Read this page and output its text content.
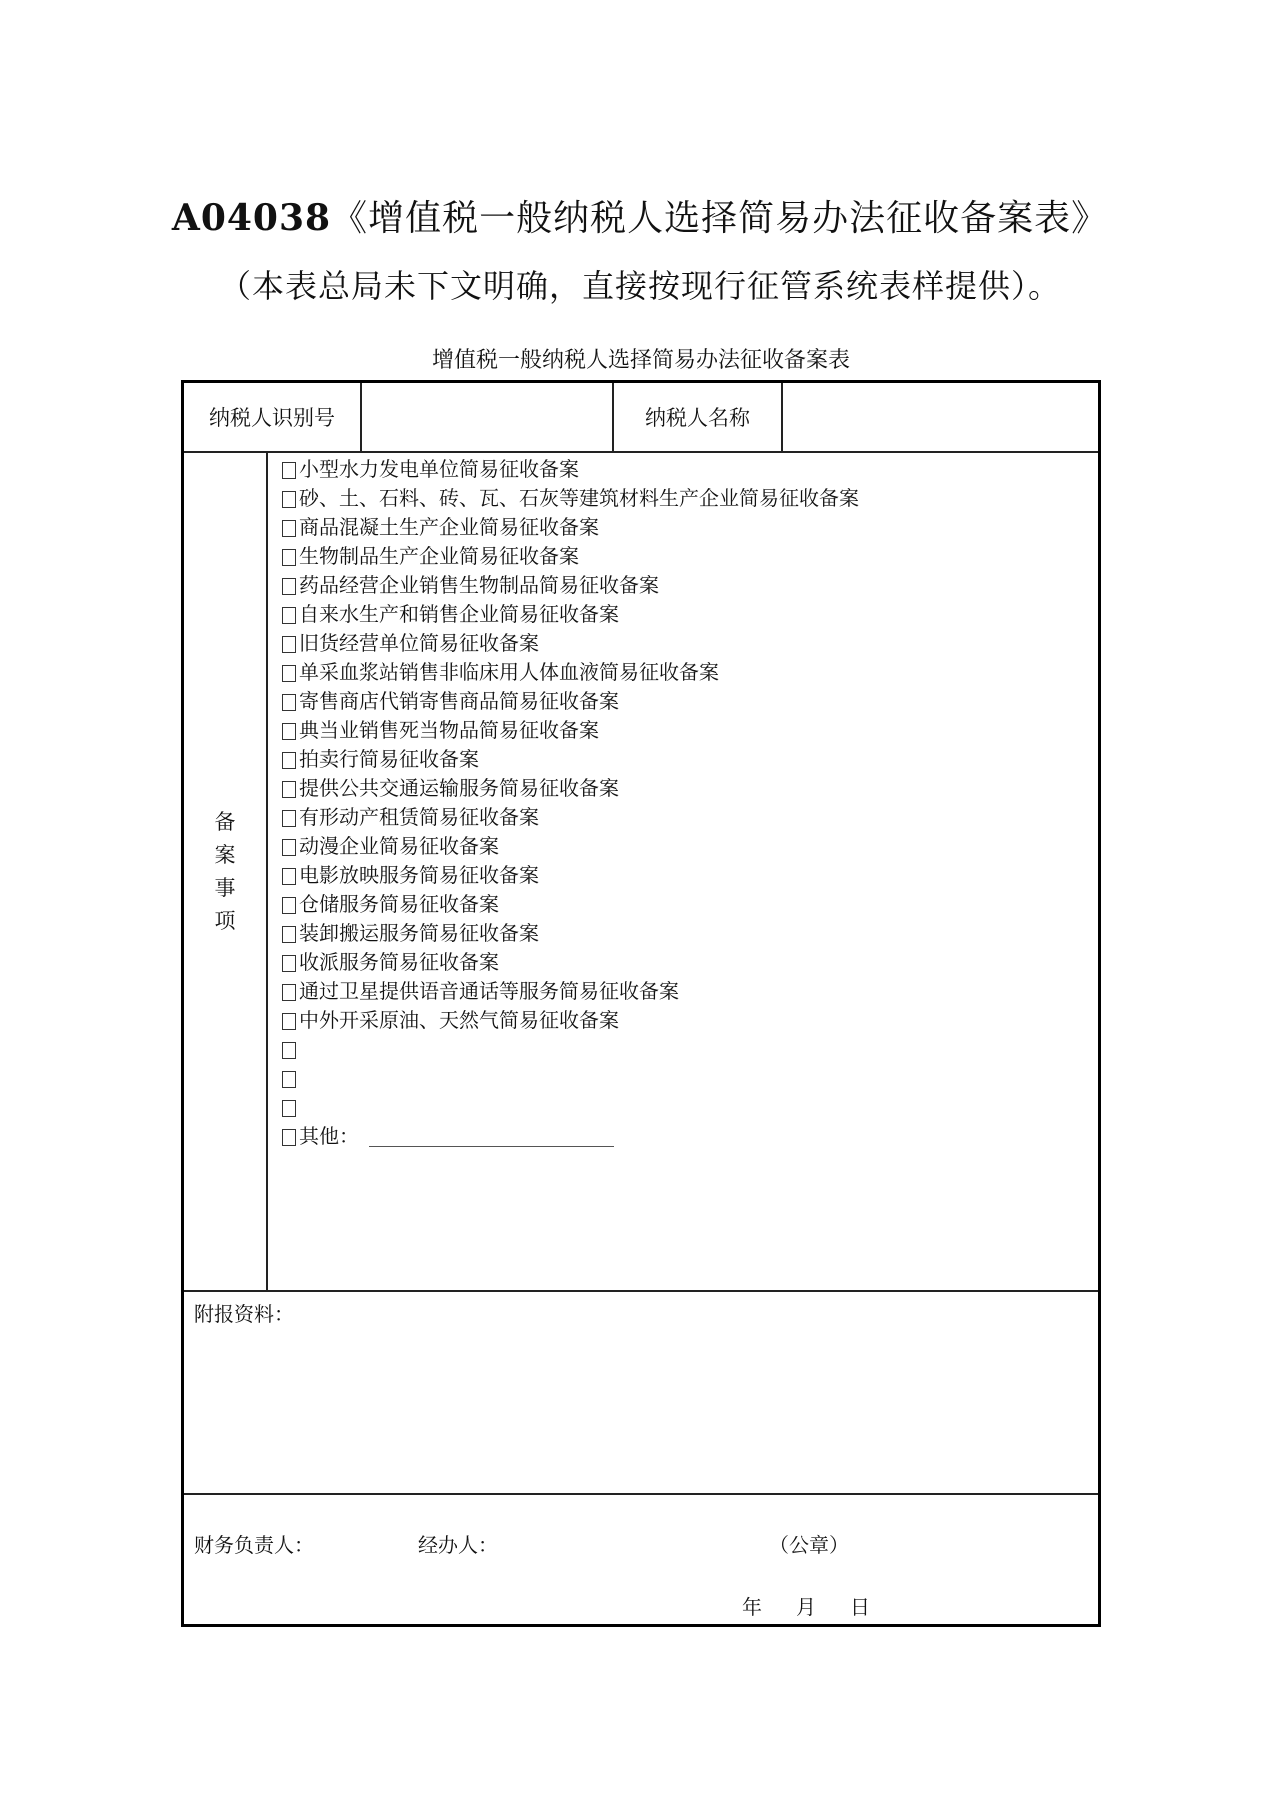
A04038《增值税一般纳税人选择简易办法征收备案表》
（本表总局未下文明确，直接按现行征管系统表样提供）。
增值税一般纳税人选择简易办法征收备案表
纳税人识别号	纳税人名称
备
案
事
项
小型水力发电单位简易征收备案
砂、土、石料、砖、瓦、石灰等建筑材料生产企业简易征收备案
商品混凝土生产企业简易征收备案
生物制品生产企业简易征收备案
药品经营企业销售生物制品简易征收备案
自来水生产和销售企业简易征收备案
旧货经营单位简易征收备案
单采血浆站销售非临床用人体血液简易征收备案
寄售商店代销寄售商品简易征收备案
典当业销售死当物品简易征收备案
拍卖行简易征收备案
提供公共交通运输服务简易征收备案
有形动产租赁简易征收备案
动漫企业简易征收备案
电影放映服务简易征收备案
仓储服务简易征收备案
装卸搬运服务简易征收备案
收派服务简易征收备案
通过卫星提供语音通话等服务简易征收备案
中外开采原油、天然气简易征收备案
其他：
附报资料：
财务负责人：	经办人：	（公章）
年 月 日
